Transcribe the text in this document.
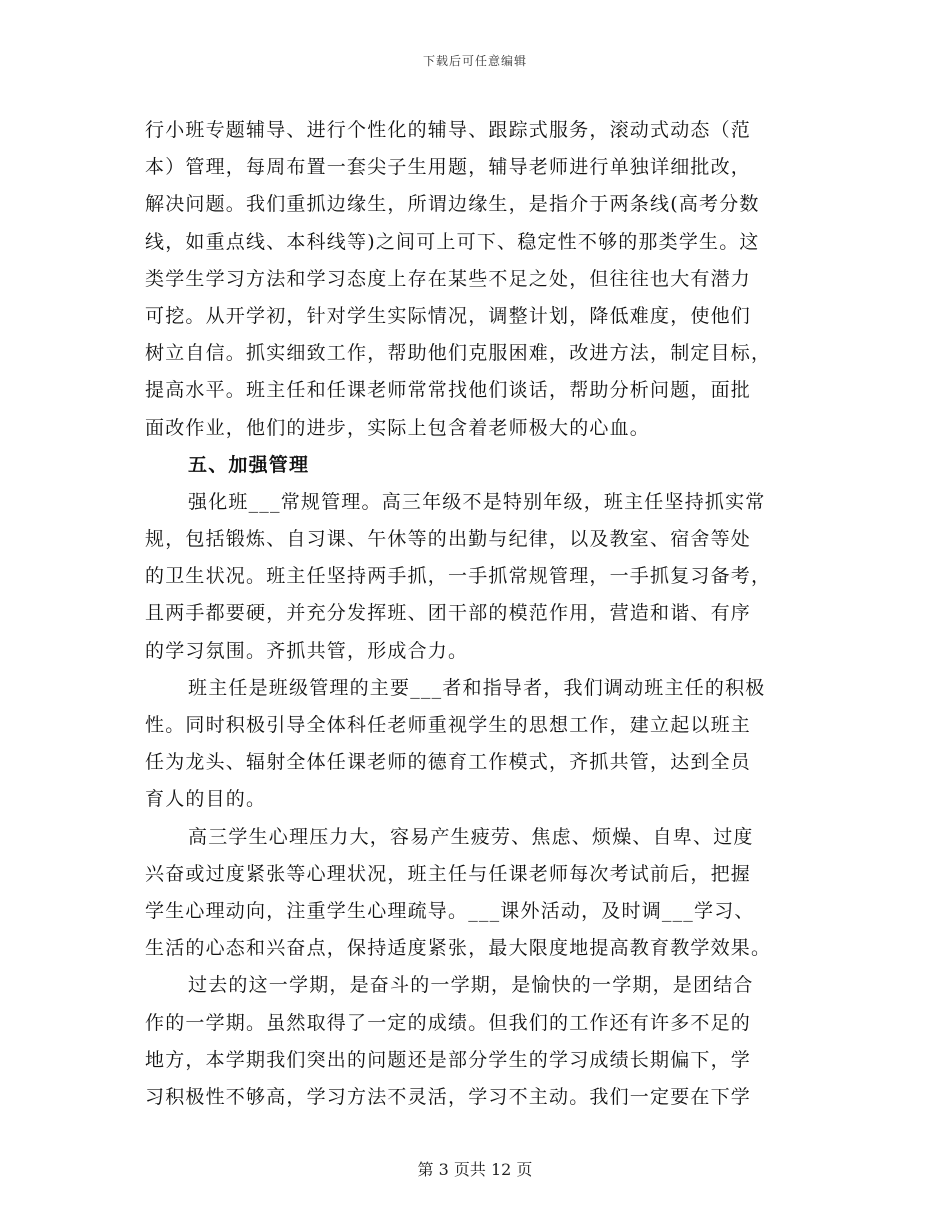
下载后可任意编辑
行小班专题辅导、进行个性化的辅导、跟踪式服务，滚动式动态（范
本）管理，每周布置一套尖子生用题，辅导老师进行单独详细批改，
解决问题。我们重抓边缘生，所谓边缘生，是指介于两条线(高考分数
线，如重点线、本科线等)之间可上可下、稳定性不够的那类学生。这
类学生学习方法和学习态度上存在某些不足之处，但往往也大有潜力
可挖。从开学初，针对学生实际情况，调整计划，降低难度，使他们
树立自信。抓实细致工作，帮助他们克服困难，改进方法，制定目标，
提高水平。班主任和任课老师常常找他们谈话，帮助分析问题，面批
面改作业，他们的进步，实际上包含着老师极大的心血。
五、加强管理
强化班___常规管理。高三年级不是特别年级，班主任坚持抓实常
规，包括锻炼、自习课、午休等的出勤与纪律，以及教室、宿舍等处
的卫生状况。班主任坚持两手抓，一手抓常规管理，一手抓复习备考，
且两手都要硬，并充分发挥班、团干部的模范作用，营造和谐、有序
的学习氛围。齐抓共管，形成合力。
班主任是班级管理的主要___者和指导者，我们调动班主任的积极
性。同时积极引导全体科任老师重视学生的思想工作，建立起以班主
任为龙头、辐射全体任课老师的德育工作模式，齐抓共管，达到全员
育人的目的。
高三学生心理压力大，容易产生疲劳、焦虑、烦燥、自卑、过度
兴奋或过度紧张等心理状况，班主任与任课老师每次考试前后，把握
学生心理动向，注重学生心理疏导。___课外活动，及时调___学习、
生活的心态和兴奋点，保持适度紧张，最大限度地提高教育教学效果。
过去的这一学期，是奋斗的一学期，是愉快的一学期，是团结合
作的一学期。虽然取得了一定的成绩。但我们的工作还有许多不足的
地方，本学期我们突出的问题还是部分学生的学习成绩长期偏下，学
习积极性不够高，学习方法不灵活，学习不主动。我们一定要在下学
第 3 页共 12 页
